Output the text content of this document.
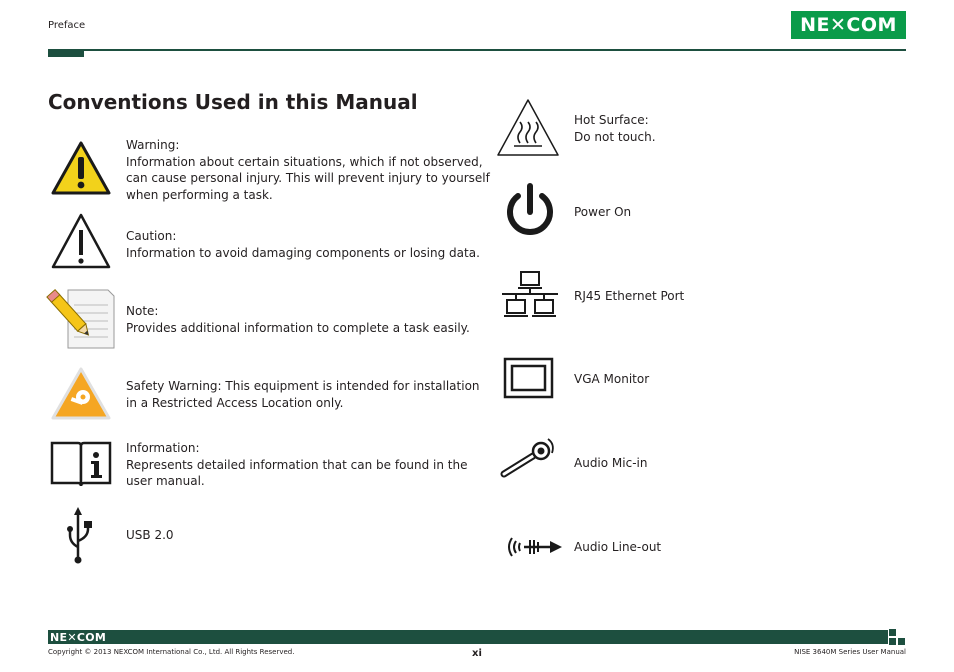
Preface	NE✕COM
Conventions Used in this Manual
Warning:
Information about certain situations, which if not observed,
can cause personal injury. This will prevent injury to yourself
when performing a task.
Caution:
Information to avoid damaging components or losing data.
Note:
Provides additional information to complete a task easily.
Safety Warning: This equipment is intended for installation
in a Restricted Access Location only.
Information:
Represents detailed information that can be found in the
user manual.
USB 2.0
Hot Surface:
Do not touch.
Power On
RJ45 Ethernet Port
VGA Monitor
Audio Mic-in
Audio Line-out
NE✕COM
Copyright © 2013 NEXCOM International Co., Ltd. All Rights Reserved.	xi	NISE 3640M Series User Manual
